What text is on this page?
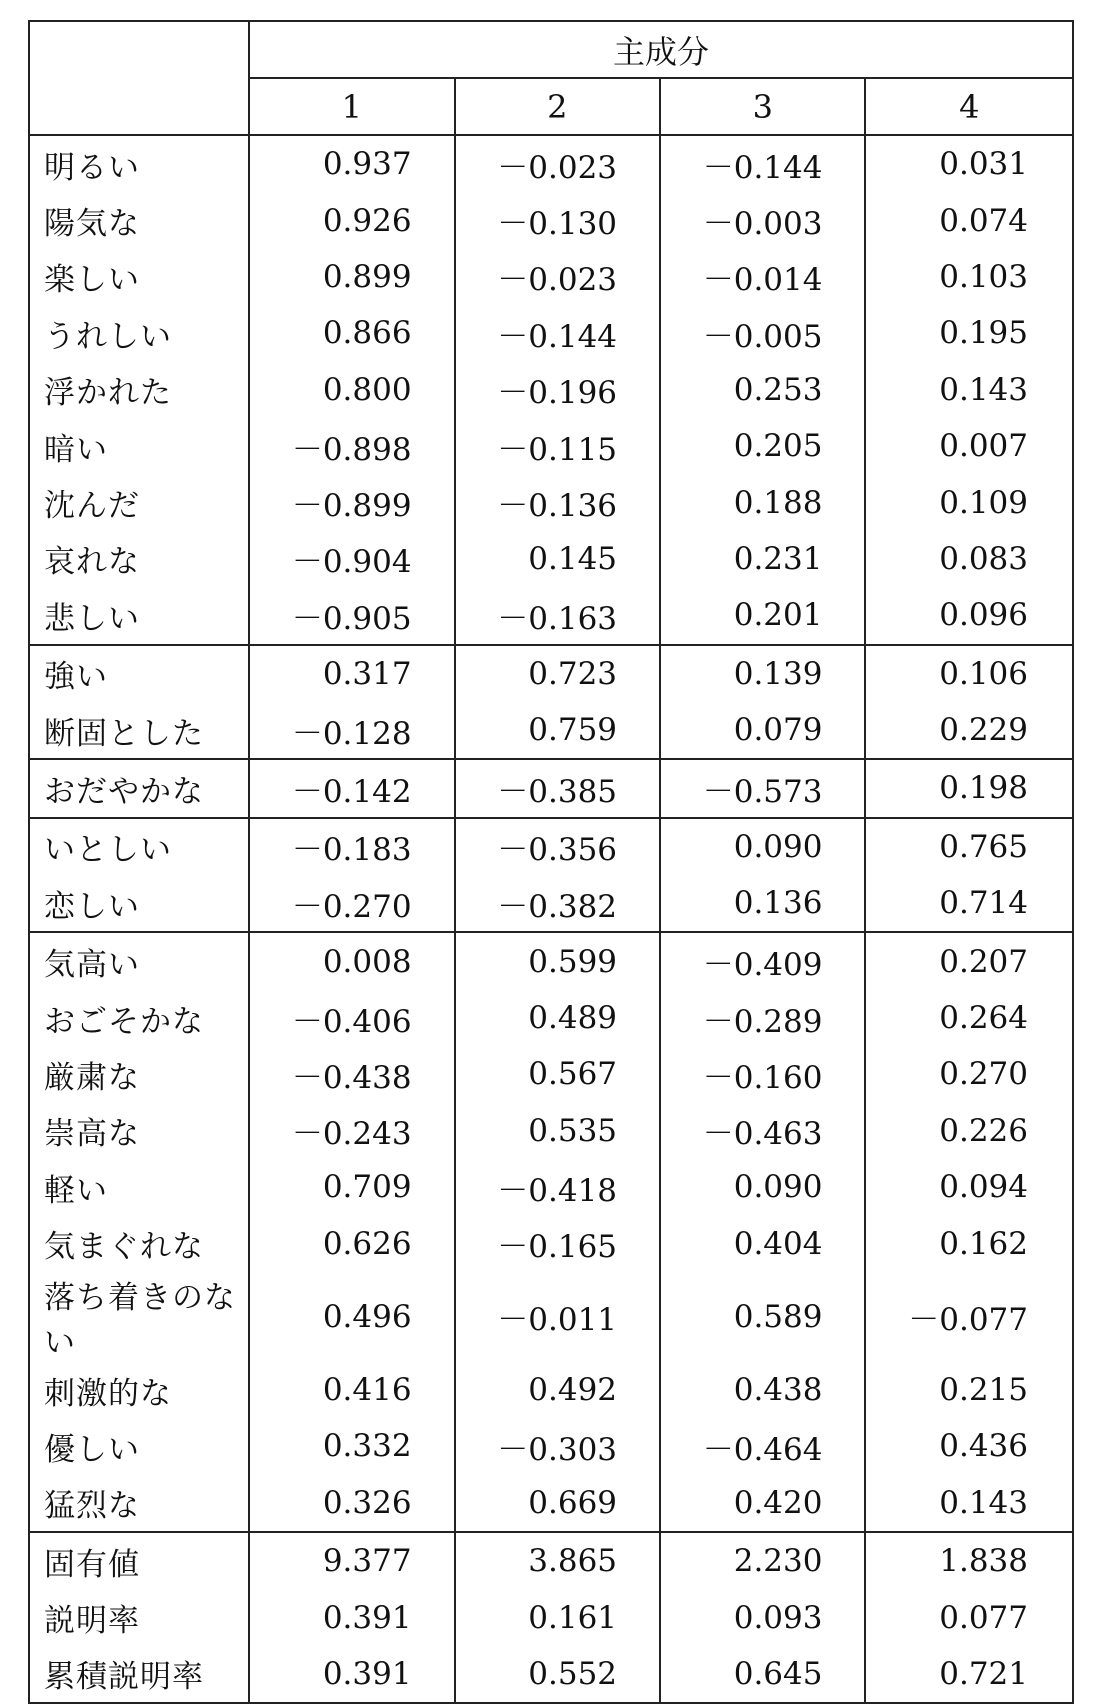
	主成分			
	1	2	3	4
明るい	0.937	－0.023	－0.144	0.031
陽気な	0.926	－0.130	－0.003	0.074
楽しい	0.899	－0.023	－0.014	0.103
うれしい	0.866	－0.144	－0.005	0.195
浮かれた	0.800	－0.196	0.253	0.143
暗い	－0.898	－0.115	0.205	0.007
沈んだ	－0.899	－0.136	0.188	0.109
哀れな	－0.904	0.145	0.231	0.083
悲しい	－0.905	－0.163	0.201	0.096
強い	0.317	0.723	0.139	0.106
断固とした	－0.128	0.759	0.079	0.229
おだやかな	－0.142	－0.385	－0.573	0.198
いとしい	－0.183	－0.356	0.090	0.765
恋しい	－0.270	－0.382	0.136	0.714
気高い	0.008	0.599	－0.409	0.207
おごそかな	－0.406	0.489	－0.289	0.264
厳粛な	－0.438	0.567	－0.160	0.270
崇高な	－0.243	0.535	－0.463	0.226
軽い	0.709	－0.418	0.090	0.094
気まぐれな	0.626	－0.165	0.404	0.162
落ち着きのない	0.496	－0.011	0.589	－0.077
刺激的な	0.416	0.492	0.438	0.215
優しい	0.332	－0.303	－0.464	0.436
猛烈な	0.326	0.669	0.420	0.143
固有値	9.377	3.865	2.230	1.838
説明率	0.391	0.161	0.093	0.077
累積説明率	0.391	0.552	0.645	0.721
